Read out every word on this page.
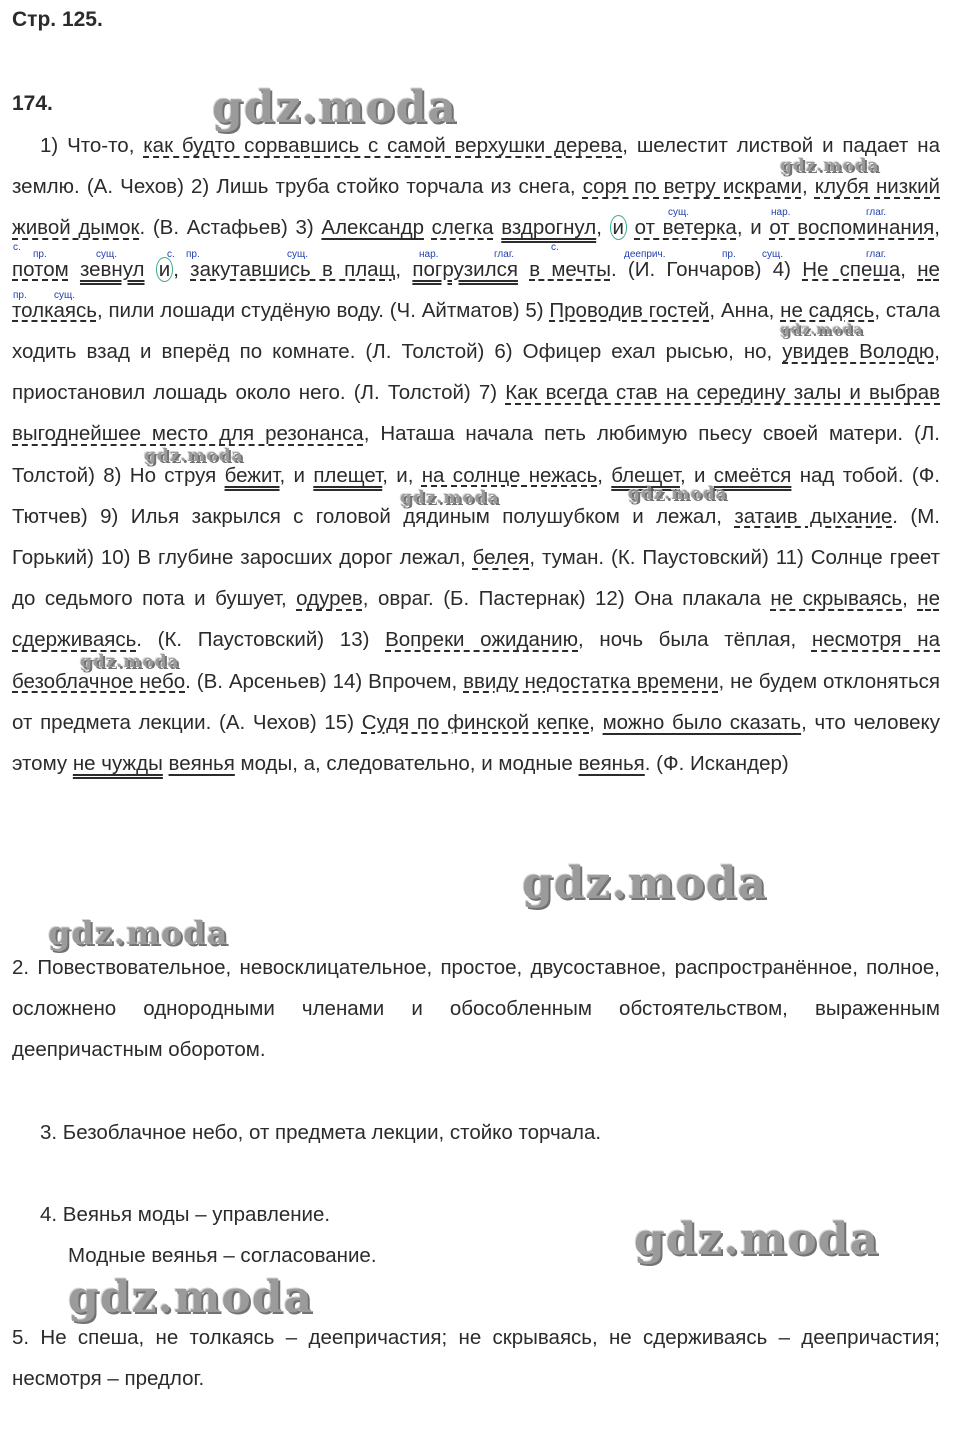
Стр. 125.
174.
1) Что-то, как будто сорвавшись с самой верхушки дерева, шелестит листвой и падает на землю. (А. Чехов) 2) Лишь труба стойко торчала из снега, соря по ветру искрами, клубя низкий живой дымок. (В. Астафьев) 3) Александр слегка вздрогнул, и от ветерка, и от воспоминания, потом зевнул и , закутавшись в плащ, погрузился в мечты. (И. Гончаров) 4) Не спеша, не толкаясь, пили лошади студёную воду. (Ч. Айтматов) 5) Проводив гостей, Анна, не садясь, стала ходить взад и вперёд по комнате. (Л. Толстой) 6) Офицер ехал рысью, но, увидев Володю, приостановил лошадь около него. (Л. Толстой) 7) Как всегда став на середину залы и выбрав выгоднейшее место для резонанса, Наташа начала петь любимую пьесу своей матери. (Л. Толстой) 8) Но струя бежит, и плещет, и, на солнце нежась, блещет, и смеётся над тобой. (Ф. Тютчев) 9) Илья закрылся с головой дядиным полушубком и лежал, затаив дыхание. (М. Горький) 10) В глубине заросших дорог лежал, белея, туман. (К. Паустовский) 11) Солнце греет до седьмого пота и бушует, одурев, овраг. (Б. Пастернак) 12) Она плакала не скрываясь, не сдерживаясь. (К. Паустовский) 13) Вопреки ожиданию, ночь была тёплая, несмотря на безоблачное небо. (В. Арсеньев) 14) Впрочем, ввиду недостатка времени, не будем отклоняться от предмета лекции. (А. Чехов) 15) Судя по финской кепке, можно было сказать, что человеку этому не чужды веянья моды, а, следовательно, и модные веянья. (Ф. Искандер)
сущ.	нар.	глаг.
с.
пр.	сущ.	с. пр.	сущ.	нар.	глаг.
с.
дееприч.	пр.	сущ.	глаг.
пр.	сущ.
2. Повествовательное, невосклицательное, простое, двусоставное, распространённое, полное, осложнено однородными членами и обособленным обстоятельством, выраженным деепричастным оборотом.
3. Безоблачное небо, от предмета лекции, стойко торчала.
4. Веянья моды – управление.
Модные веянья – согласование.
5. Не спеша, не толкаясь – деепричастия; не скрываясь, не сдерживаясь – деепричастия; несмотря – предлог.
gdz.moda
gdz.moda
gdz.moda
gdz.moda
gdz.moda	gdz.moda
gdz.moda
gdz.moda
gdz.moda
gdz.moda
gdz.moda
